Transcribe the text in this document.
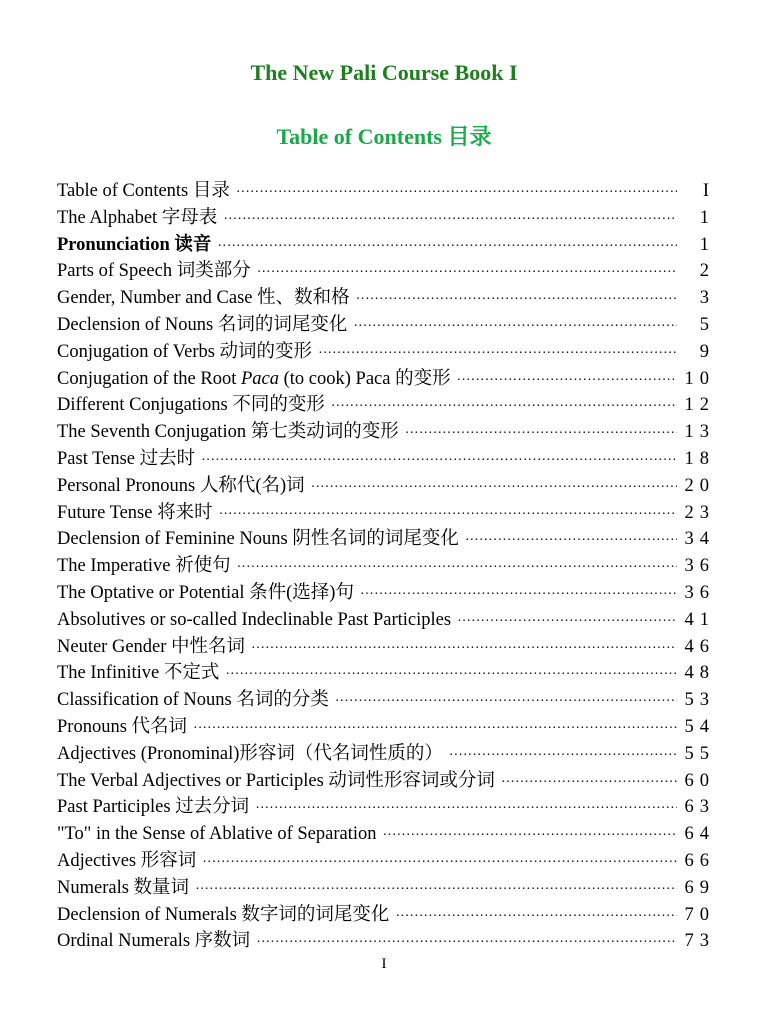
The New Pali Course Book I
Table of Contents 目录
Table of Contents 目录 ·····	I
The Alphabet 字母表 ·····	1
Pronunciation 读音 ·····	1
Parts of Speech 词类部分 ·····	2
Gender, Number and Case 性、数和格 ·····	3
Declension of Nouns 名词的词尾变化 ·····	5
Conjugation of Verbs 动词的变形 ·····	9
Conjugation of the Root Paca (to cook) Paca 的变形 ·····	10
Different Conjugations 不同的变形 ·····	12
The Seventh Conjugation 第七类动词的变形 ·····	13
Past Tense 过去时 ·····	18
Personal Pronouns 人称代(名)词 ·····	20
Future Tense 将来时 ·····	23
Declension of Feminine Nouns 阴性名词的词尾变化 ·····	34
The Imperative 祈使句 ·····	36
The Optative or Potential 条件(选择)句 ·····	36
Absolutives or so-called Indeclinable Past Participles ·····	41
Neuter Gender 中性名词 ·····	46
The Infinitive 不定式 ·····	48
Classification of Nouns 名词的分类 ·····	53
Pronouns 代名词 ·····	54
Adjectives (Pronominal)形容词（代名词性质的） ·····	55
The Verbal Adjectives or Participles 动词性形容词或分词 ·····	60
Past Participles 过去分词 ·····	63
"To" in the Sense of Ablative of Separation ·····	64
Adjectives 形容词 ·····	66
Numerals 数量词 ·····	69
Declension of Numerals 数字词的词尾变化 ·····	70
Ordinal Numerals 序数词 ·····	73
I
